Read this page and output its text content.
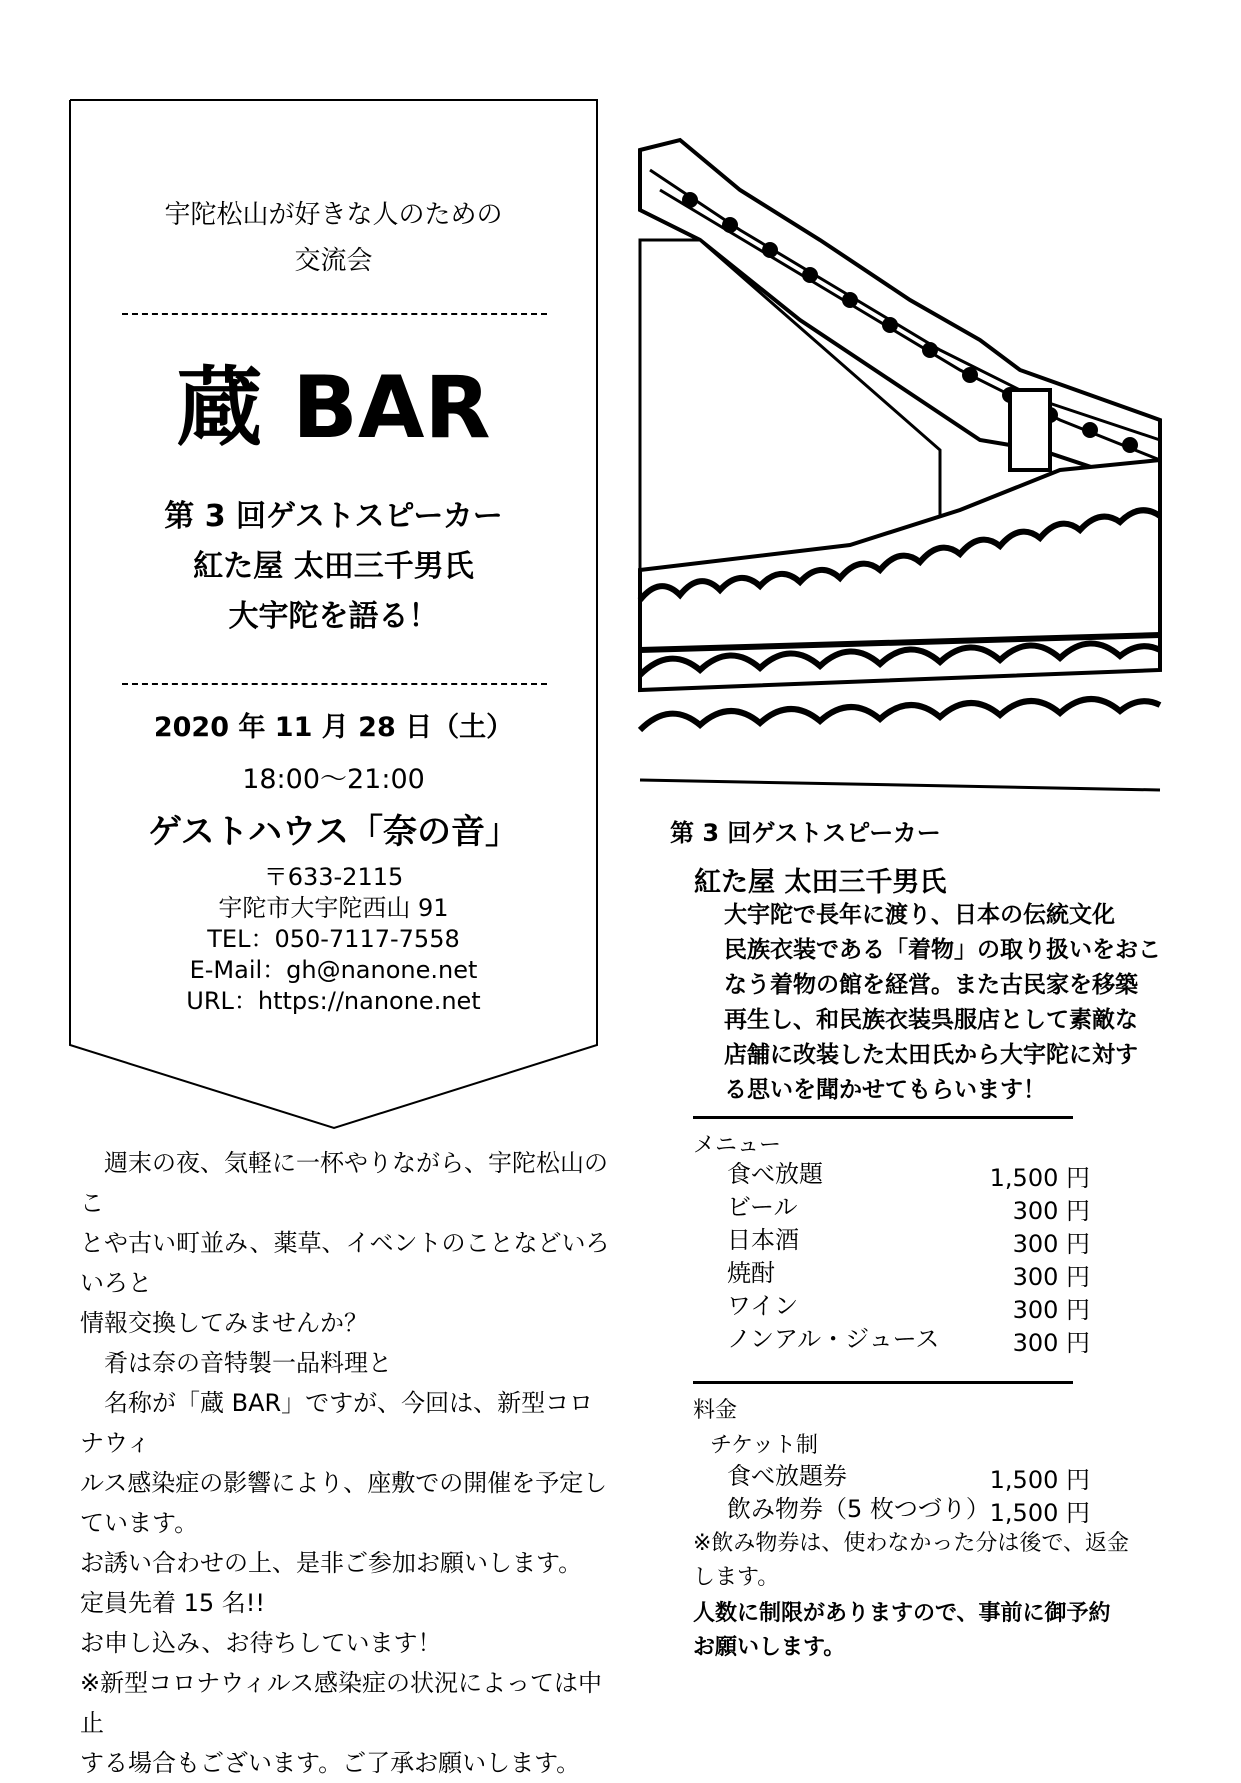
宇陀松山が好きな人のための
交流会
蔵 BAR
第 3 回ゲストスピーカー
紅た屋 太田三千男氏
大宇陀を語る！
2020 年 11 月 28 日（土）
18:00～21:00
ゲストハウス「奈の音」
〒633-2115
宇陀市大宇陀西山 91
TEL：050-7117-7558
E-Mail：gh@nanone.net
URL：https://nanone.net

　週末の夜、気軽に一杯やりながら、宇陀松山のこ

とや古い町並み、薬草、イベントのことなどいろいろと

情報交換してみませんか？

　肴は奈の音特製一品料理と

　名称が「蔵 BAR」ですが、今回は、新型コロナウィ

ルス感染症の影響により、座敷での開催を予定し

ています。

お誘い合わせの上、是非ご参加お願いします。

定員先着 15 名!!

お申し込み、お待ちしています！

※新型コロナウィルス感染症の状況によっては中止

する場合もございます。ご了承お願いします。

第 3 回ゲストスピーカー
紅た屋 太田三千男氏
大宇陀で長年に渡り、日本の伝統文化
民族衣装である「着物」の取り扱いをおこ
なう着物の館を経営。また古民家を移築
再生し、和民族衣装呉服店として素敵な
店舗に改装した太田氏から大宇陀に対す
る思いを聞かせてもらいます！
メニュー
食べ放題	1,500 円
ビール	300 円
日本酒	300 円
焼酎	300 円
ワイン	300 円
ノンアル・ジュース	300 円
料金
チケット制
食べ放題券	1,500 円
飲み物券（5 枚つづり） 1,500 円
※飲み物券は、使わなかった分は後で、返金
します。
人数に制限がありますので、事前に御予約
お願いします。
